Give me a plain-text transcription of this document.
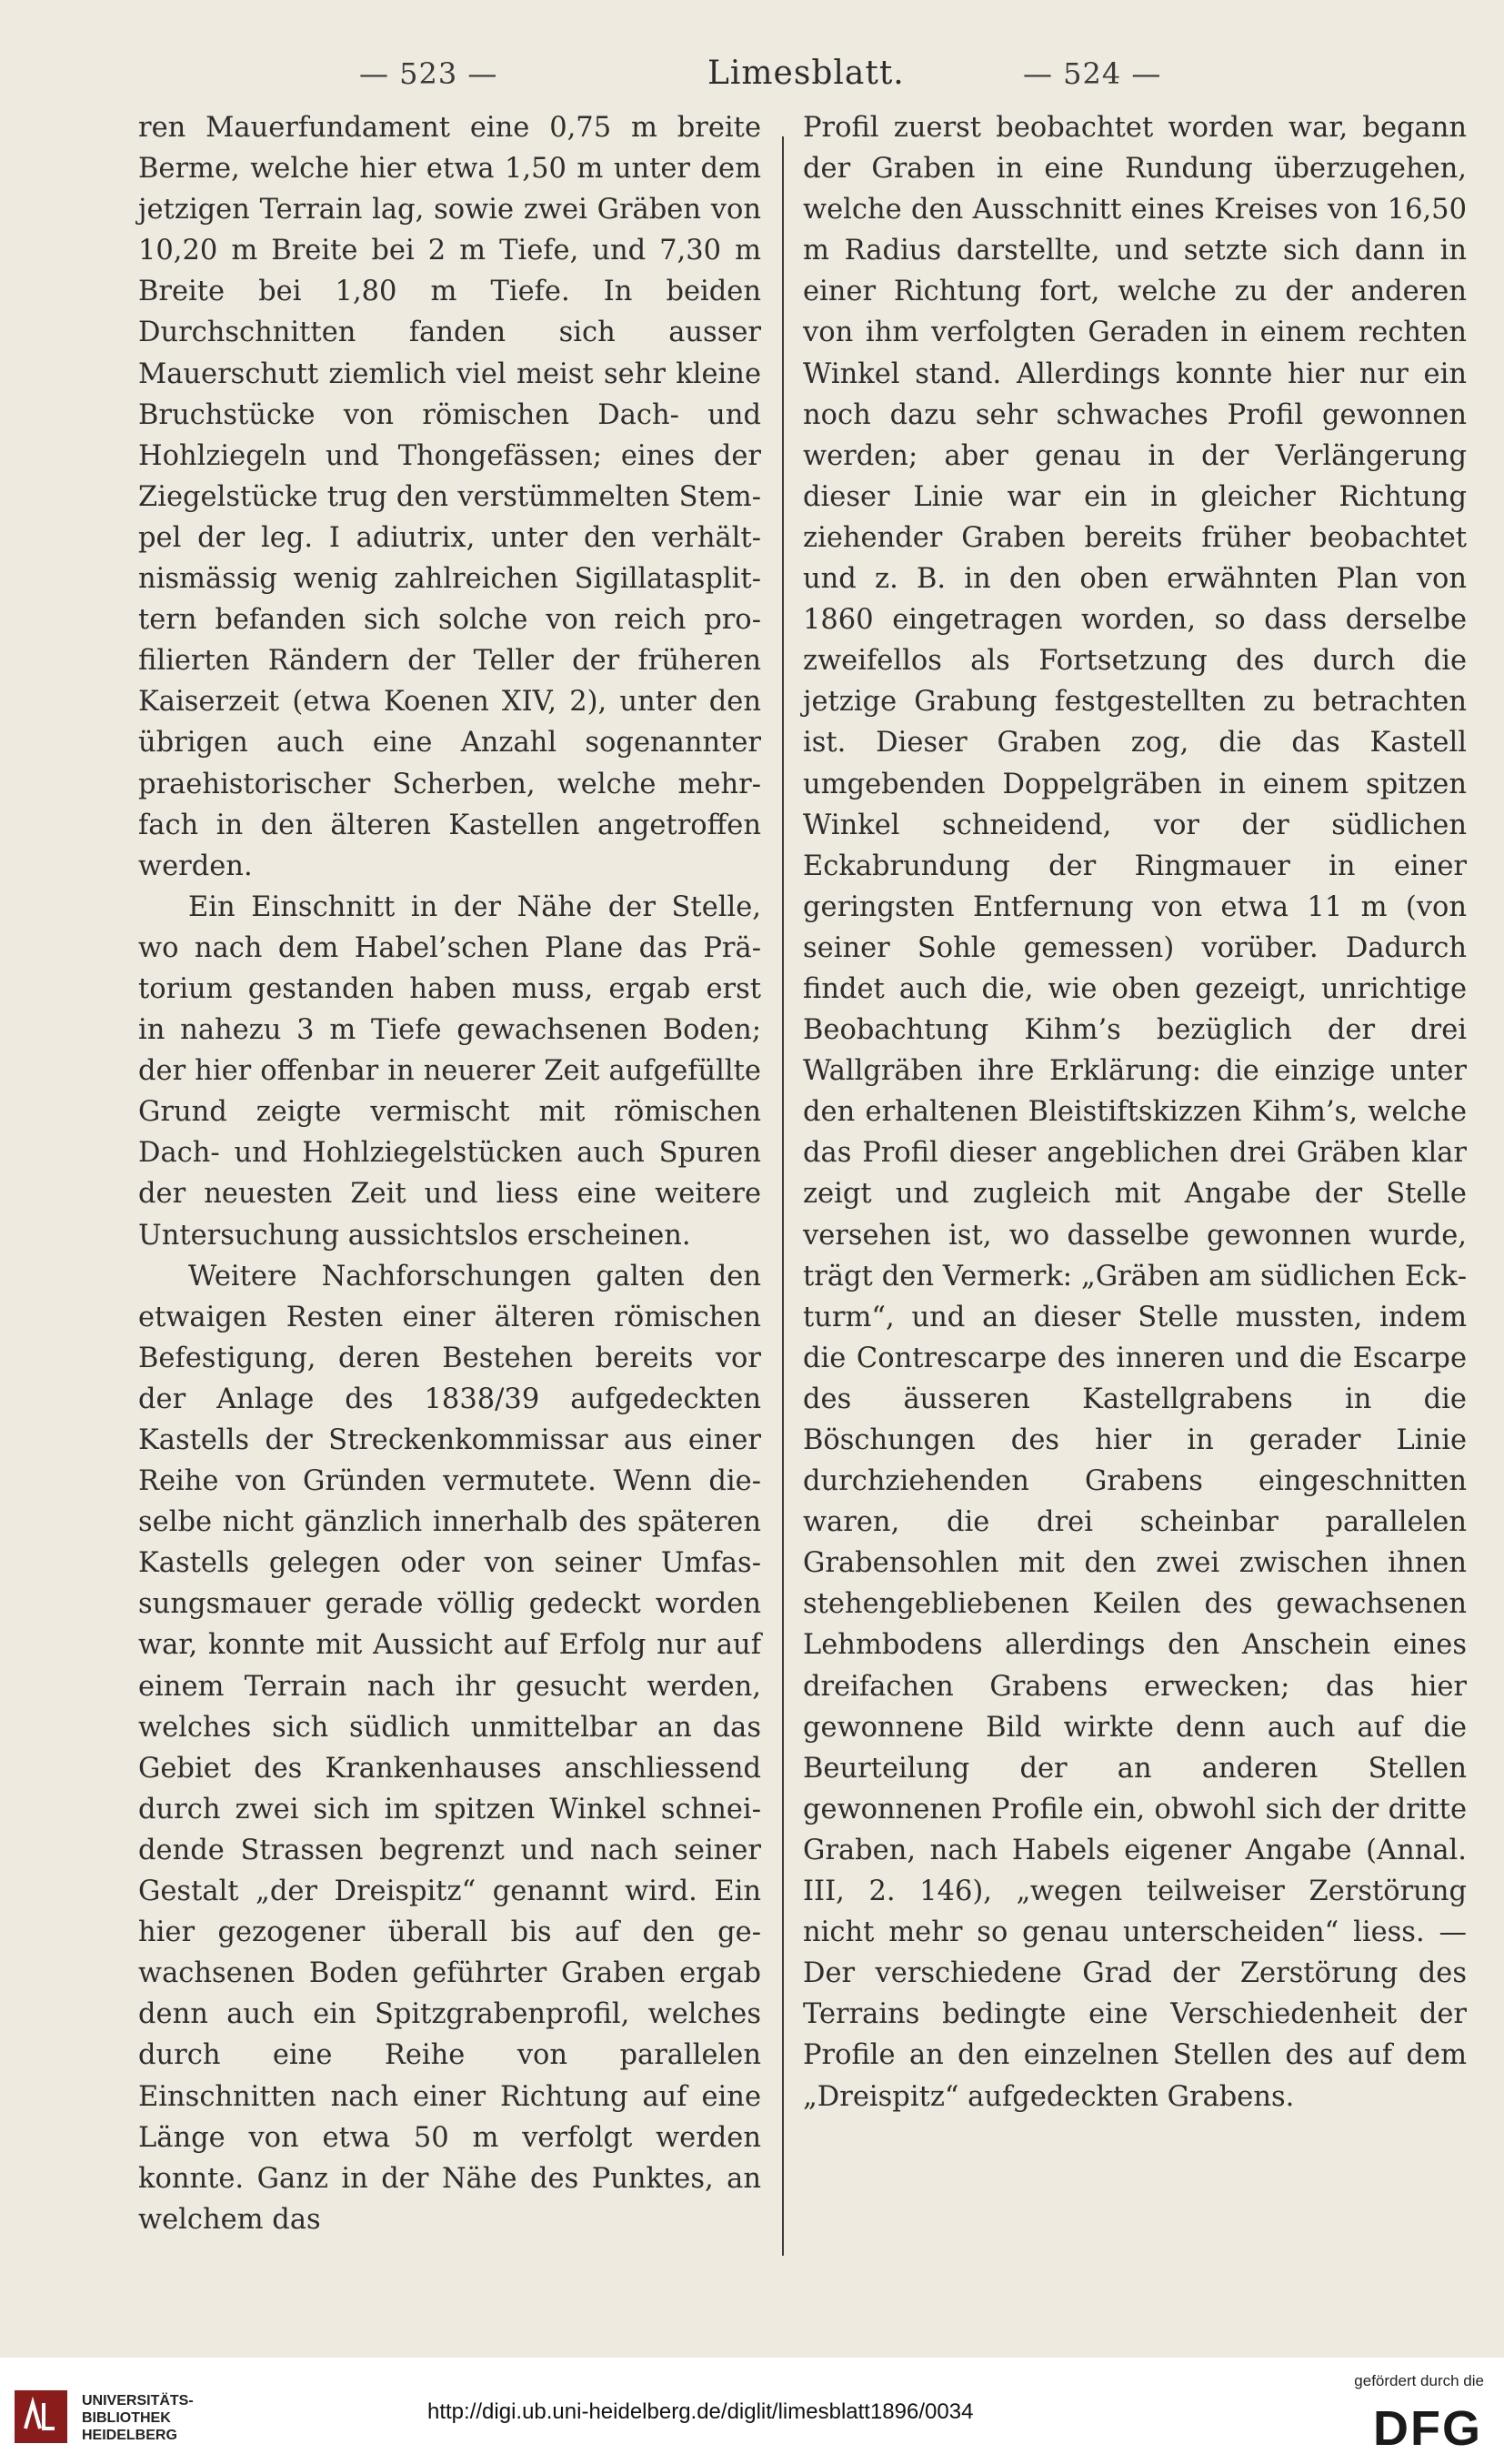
— 523 —	Limesblatt.	— 524 —

ren Mauerfundament eine 0,75 m breite Berme, welche hier etwa 1,50 m unter dem jetzigen Terrain lag, sowie zwei Gräben von 10,20 m Breite bei 2 m Tiefe, und 7,30 m Breite bei 1,80 m Tiefe. In beiden Durchschnitten fanden sich ausser Mauerschutt ziemlich viel meist sehr kleine Bruchstücke von römischen Dach- und Hohlziegeln und Thongefässen; eines der Ziegelstücke trug den verstümmelten Stempel der leg. I adiutrix, unter den verhältnismässig wenig zahlreichen Sigillatasplittern befanden sich solche von reich profilierten Rändern der Teller der früheren Kaiserzeit (etwa Koenen XIV, 2), unter den übrigen auch eine Anzahl sogenannter praehistorischer Scherben, welche mehrfach in den älteren Kastellen angetroffen werden.

Ein Einschnitt in der Nähe der Stelle, wo nach dem Habel’schen Plane das Prätorium gestanden haben muss, ergab erst in nahezu 3 m Tiefe gewachsenen Boden; der hier offenbar in neuerer Zeit aufgefüllte Grund zeigte vermischt mit römischen Dach- und Hohlziegelstücken auch Spuren der neuesten Zeit und liess eine weitere Untersuchung aussichtslos erscheinen.

Weitere Nachforschungen galten den etwaigen Resten einer älteren römischen Befestigung, deren Bestehen bereits vor der Anlage des 1838/39 aufgedeckten Kastells der Streckenkommissar aus einer Reihe von Gründen vermutete. Wenn dieselbe nicht gänzlich innerhalb des späteren Kastells gelegen oder von seiner Umfassungsmauer gerade völlig gedeckt worden war, konnte mit Aussicht auf Erfolg nur auf einem Terrain nach ihr gesucht werden, welches sich südlich unmittelbar an das Gebiet des Krankenhauses anschliessend durch zwei sich im spitzen Winkel schneidende Strassen begrenzt und nach seiner Gestalt „der Dreispitz“ genannt wird. Ein hier gezogener überall bis auf den gewachsenen Boden geführter Graben ergab denn auch ein Spitzgrabenprofil, welches durch eine Reihe von parallelen Einschnitten nach einer Richtung auf eine Länge von etwa 50 m verfolgt werden konnte. Ganz in der Nähe des Punktes, an welchem das

Profil zuerst beobachtet worden war, begann der Graben in eine Rundung überzugehen, welche den Ausschnitt eines Kreises von 16,50 m Radius darstellte, und setzte sich dann in einer Richtung fort, welche zu der anderen von ihm verfolgten Geraden in einem rechten Winkel stand. Allerdings konnte hier nur ein noch dazu sehr schwaches Profil gewonnen werden; aber genau in der Verlängerung dieser Linie war ein in gleicher Richtung ziehender Graben bereits früher beobachtet und z. B. in den oben erwähnten Plan von 1860 eingetragen worden, so dass derselbe zweifellos als Fortsetzung des durch die jetzige Grabung festgestellten zu betrachten ist. Dieser Graben zog, die das Kastell umgebenden Doppelgräben in einem spitzen Winkel schneidend, vor der südlichen Eckabrundung der Ringmauer in einer geringsten Entfernung von etwa 11 m (von seiner Sohle gemessen) vorüber. Dadurch findet auch die, wie oben gezeigt, unrichtige Beobachtung Kihm’s bezüglich der drei Wallgräben ihre Erklärung: die einzige unter den erhaltenen Bleistiftskizzen Kihm’s, welche das Profil dieser angeblichen drei Gräben klar zeigt und zugleich mit Angabe der Stelle versehen ist, wo dasselbe gewonnen wurde, trägt den Vermerk: „Gräben am südlichen Eckturm“, und an dieser Stelle mussten, indem die Contrescarpe des inneren und die Escarpe des äusseren Kastellgrabens in die Böschungen des hier in gerader Linie durchziehenden Grabens eingeschnitten waren, die drei scheinbar parallelen Grabensohlen mit den zwei zwischen ihnen stehengebliebenen Keilen des gewachsenen Lehmbodens allerdings den Anschein eines dreifachen Grabens erwecken; das hier gewonnene Bild wirkte denn auch auf die Beurteilung der an anderen Stellen gewonnenen Profile ein, obwohl sich der dritte Graben, nach Habels eigener Angabe (Annal. III, 2. 146), „wegen teilweiser Zerstörung nicht mehr so genau unterscheiden“ liess. — Der verschiedene Grad der Zerstörung des Terrains bedingte eine Verschiedenheit der Profile an den einzelnen Stellen des auf dem „Dreispitz“ aufgedeckten Grabens.

UNIVERSITÄTS-
BIBLIOTHEK
HEIDELBERG
http://digi.ub.uni-heidelberg.de/diglit/limesblatt1896/0034
gefördert durch die
DFG
